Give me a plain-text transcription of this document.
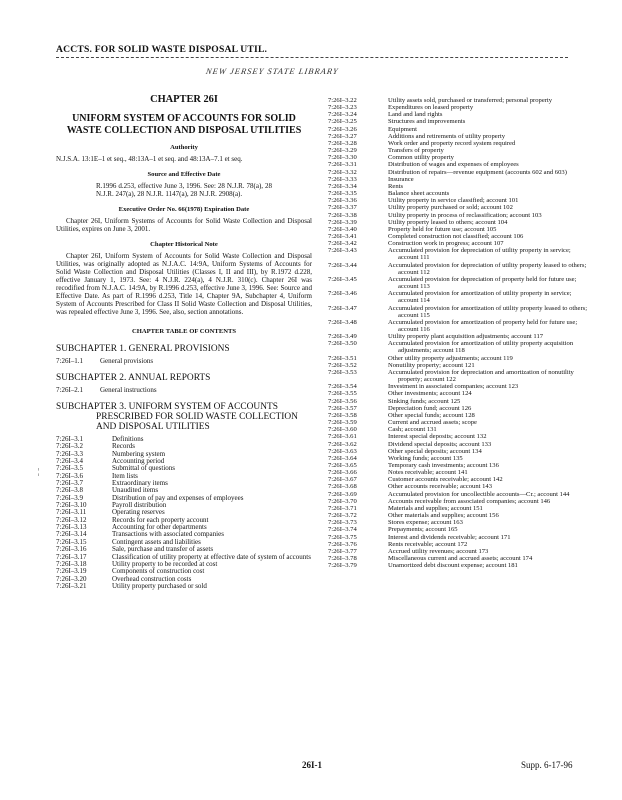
ACCTS. FOR SOLID WASTE DISPOSAL UTIL.
NEW JERSEY STATE LIBRARY
¦
CHAPTER 26I
UNIFORM SYSTEM OF ACCOUNTS FOR SOLID WASTE COLLECTION AND DISPOSAL UTILITIES
Authority

N.J.S.A. 13:1E–1 et seq., 48:13A–1 et seq. and 48:13A–7.1 et seq.

Source and Effective Date

R.1996 d.253, effective June 3, 1996. See: 28 N.J.R. 78(a), 28 N.J.R. 247(a), 28 N.J.R. 1147(a), 28 N.J.R. 2908(a).

Executive Order No. 66(1978) Expiration Date

Chapter 26I, Uniform Systems of Accounts for Solid Waste Collection and Disposal Utilities, expires on June 3, 2001.

Chapter Historical Note

Chapter 26I, Uniform System of Accounts for Solid Waste Collection and Disposal Utilities, was originally adopted as N.J.A.C. 14:9A, Uniform Systems of Accounts for Solid Waste Collection and Disposal Utilities (Classes I, II and III), by R.1972 d.228, effective January 1, 1973. See: 4 N.J.R. 224(a), 4 N.J.R. 310(c). Chapter 26I was recodified from N.J.A.C. 14:9A, by R.1996 d.253, effective June 3, 1996. See: Source and Effective Date. As part of R.1996 d.253, Title 14, Chapter 9A, Subchapter 4, Uniform System of Accounts Prescribed for Class II Solid Waste Collection and Disposal Utilities, was repealed effective June 3, 1996. See, also, section annotations.

CHAPTER TABLE OF CONTENTS
SUBCHAPTER 1. GENERAL PROVISIONS
7:26I–1.1	General provisions
SUBCHAPTER 2. ANNUAL REPORTS
7:26I–2.1	General instructions
SUBCHAPTER 3. UNIFORM SYSTEM OF ACCOUNTS PRESCRIBED FOR SOLID WASTE COLLECTION AND DISPOSAL UTILITIES
7:26I–3.1	Definitions
7:26I–3.2	Records
7:26I–3.3	Numbering system
7:26I–3.4	Accounting period
7:26I–3.5	Submittal of questions
7:26I–3.6	Item lists
7:26I–3.7	Extraordinary items
7:26I–3.8	Unaudited items
7:26I–3.9	Distribution of pay and expenses of employees
7:26I–3.10	Payroll distribution
7:26I–3.11	Operating reserves
7:26I–3.12	Records for each property account
7:26I–3.13	Accounting for other departments
7:26I–3.14	Transactions with associated companies
7:26I–3.15	Contingent assets and liabilities
7:26I–3.16	Sale, purchase and transfer of assets
7:26I–3.17	Classification of utility property at effective date of system of accounts
7:26I–3.18	Utility property to be recorded at cost
7:26I–3.19	Components of construction cost
7:26I–3.20	Overhead construction costs
7:26I–3.21	Utility property purchased or sold
7:26I–3.22	Utility assets sold, purchased or transferred; personal property
7:26I–3.23	Expenditures on leased property
7:26I–3.24	Land and land rights
7:26I–3.25	Structures and improvements
7:26I–3.26	Equipment
7:26I–3.27	Additions and retirements of utility property
7:26I–3.28	Work order and property record system required
7:26I–3.29	Transfers of property
7:26I–3.30	Common utility property
7:26I–3.31	Distribution of wages and expenses of employees
7:26I–3.32	Distribution of repairs—revenue equipment (accounts 602 and 603)
7:26I–3.33	Insurance
7:26I–3.34	Rents
7:26I–3.35	Balance sheet accounts
7:26I–3.36	Utility property in service classified; account 101
7:26I–3.37	Utility property purchased or sold; account 102
7:26I–3.38	Utility property in process of reclassification; account 103
7:26I–3.39	Utility property leased to others; account 104
7:26I–3.40	Property held for future use; account 105
7:26I–3.41	Completed construction not classified; account 106
7:26I–3.42	Construction work in progress; account 107
7:26I–3.43	Accumulated provision for depreciation of utility property in service; account 111
7:26I–3.44	Accumulated provision for depreciation of utility property leased to others; account 112
7:26I–3.45	Accumulated provision for depreciation of property held for future use; account 113
7:26I–3.46	Accumulated provision for amortization of utility property in service; account 114
7:26I–3.47	Accumulated provision for amortization of utility property leased to others; account 115
7:26I–3.48	Accumulated provision for amortization of property held for future use; account 116
7:26I–3.49	Utility property plant acquisition adjustments; account 117
7:26I–3.50	Accumulated provision for amortization of utility property acquisition adjustments; account 118
7:26I–3.51	Other utility property adjustments; account 119
7:26I–3.52	Nonutility property; account 121
7:26I–3.53	Accumulated provision for depreciation and amortization of nonutility property; account 122
7:26I–3.54	Investment in associated companies; account 123
7:26I–3.55	Other investments; account 124
7:26I–3.56	Sinking funds; account 125
7:26I–3.57	Depreciation fund; account 126
7:26I–3.58	Other special funds; account 128
7:26I–3.59	Current and accrued assets; scope
7:26I–3.60	Cash; account 131
7:26I–3.61	Interest special deposits; account 132
7:26I–3.62	Dividend special deposits; account 133
7:26I–3.63	Other special deposits; account 134
7:26I–3.64	Working funds; account 135
7:26I–3.65	Temporary cash investments; account 136
7:26I–3.66	Notes receivable; account 141
7:26I–3.67	Customer accounts receivable; account 142
7:26I–3.68	Other accounts receivable; account 143
7:26I–3.69	Accumulated provision for uncollectible accounts—Cr.; account 144
7:26I–3.70	Accounts receivable from associated companies; account 146
7:26I–3.71	Materials and supplies; account 151
7:26I–3.72	Other materials and supplies; account 156
7:26I–3.73	Stores expense; account 163
7:26I–3.74	Prepayments; account 165
7:26I–3.75	Interest and dividends receivable; account 171
7:26I–3.76	Rents receivable; account 172
7:26I–3.77	Accrued utility revenues; account 173
7:26I–3.78	Miscellaneous current and accrued assets; account 174
7:26I–3.79	Unamortized debt discount expense; account 181
26I-1	Supp. 6-17-96
